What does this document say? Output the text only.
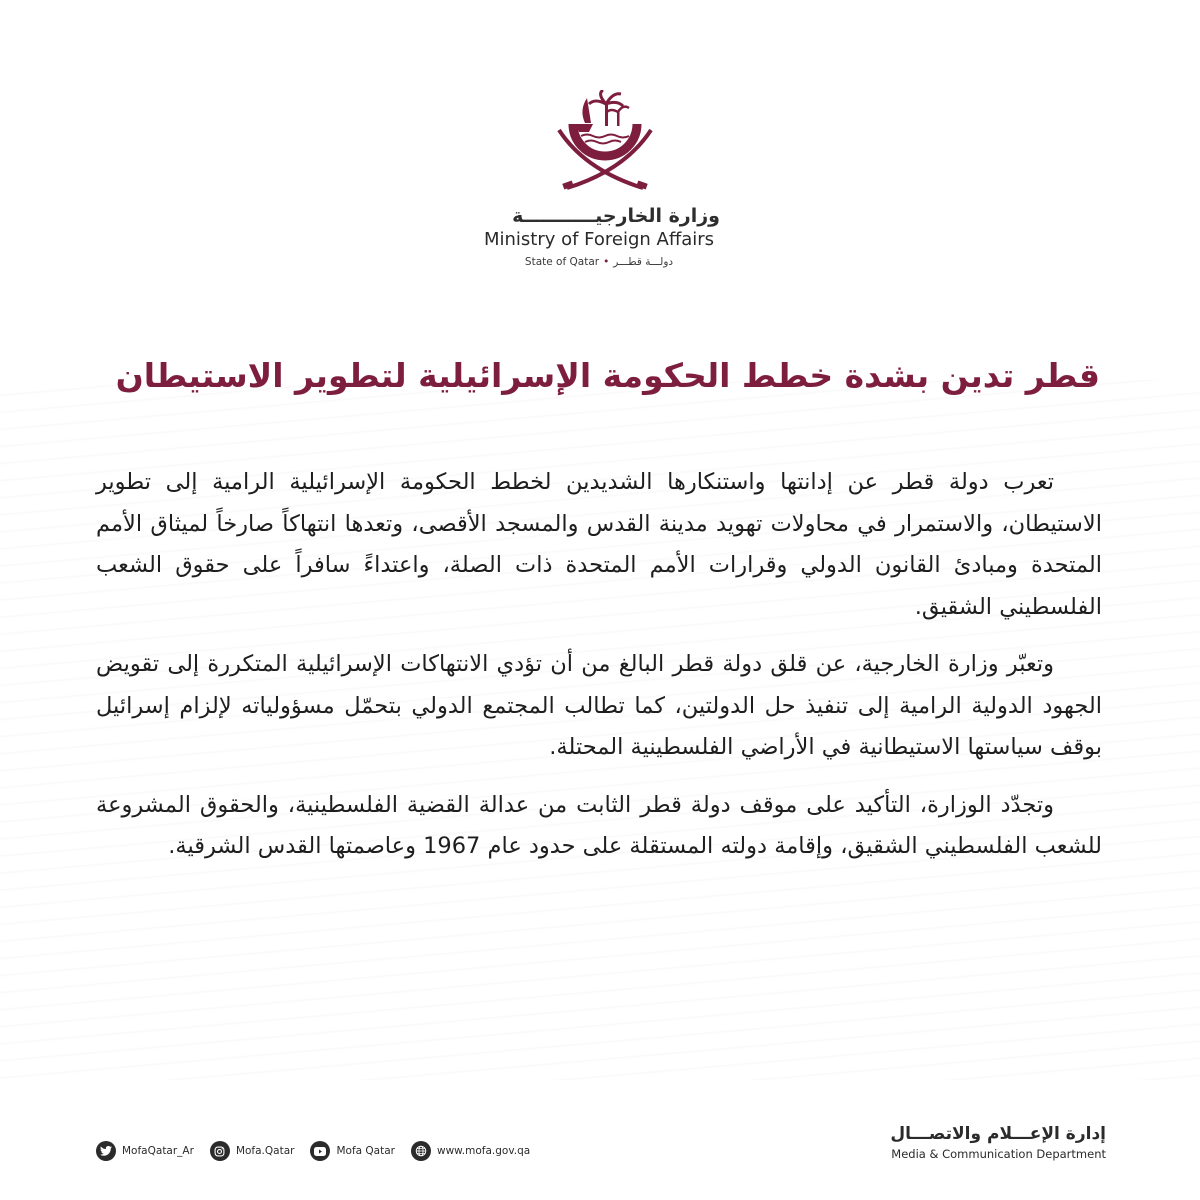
وزارة الخارجيـــــــــــة
Ministry of Foreign Affairs
State of Qatar • دولـــة قطـــر
قطر تدين بشدة خطط الحكومة الإسرائيلية لتطوير الاستيطان

تعرب دولة قطر عن إدانتها واستنكارها الشديدين لخطط الحكومة الإسرائيلية الرامية إلى تطوير الاستيطان، والاستمرار في محاولات تهويد مدينة القدس والمسجد الأقصى، وتعدها انتهاكاً صارخاً لميثاق الأمم المتحدة ومبادئ القانون الدولي وقرارات الأمم المتحدة ذات الصلة، واعتداءً سافراً على حقوق الشعب الفلسطيني الشقيق.

وتعبّر وزارة الخارجية، عن قلق دولة قطر البالغ من أن تؤدي الانتهاكات الإسرائيلية المتكررة إلى تقويض الجهود الدولية الرامية إلى تنفيذ حل الدولتين، كما تطالب المجتمع الدولي بتحمّل مسؤولياته لإلزام إسرائيل بوقف سياستها الاستيطانية في الأراضي الفلسطينية المحتلة.

وتجدّد الوزارة، التأكيد على موقف دولة قطر الثابت من عدالة القضية الفلسطينية، والحقوق المشروعة للشعب الفلسطيني الشقيق، وإقامة دولته المستقلة على حدود عام 1967 وعاصمتها القدس الشرقية.

MofaQatar_Ar	Mofa.Qatar	Mofa Qatar	www.mofa.gov.qa
إدارة الإعـــلام والاتصـــال
Media & Communication Department
